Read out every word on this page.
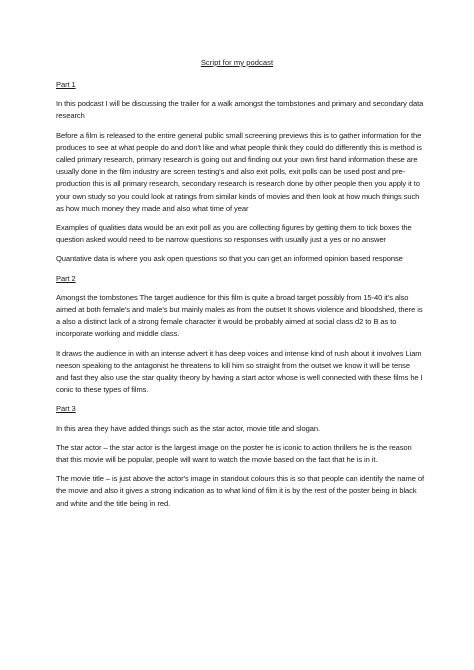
Script for my podcast

Part 1

In this podcast I will be discussing the trailer for a walk amongst the tombstones and primary and secondary data research

Before a film is released to the entire general public small screening previews this is to gather information for the produces to see at what people do and don't like and what people think they could do differently this is method is called primary research, primary research is going out and finding out your own first hand information these are usually done in the film industry are screen testing's and also exit polls, exit polls can be used post and pre-production this is all primary research, secondary research is research done by other people then you apply it to your own study so you could look at ratings from similar kinds of movies and then look at how much things such as how much money they made and also what time of year

Examples of qualities data would be an exit poll as you are collecting figures by getting them to tick boxes the question asked would need to be narrow questions so responses with usually just a yes or no answer

Quantative data is where you ask open questions so that you can get an informed opinion based response

Part 2

Amongst the tombstones The target audience for this film is quite a broad target possibly from 15-40 it's also aimed at both female's and male's but mainly males as from the outset It shows violence and bloodshed, there is a also a distinct lack of a strong female character it would be probably aimed at social class d2 to B as to incorporate working and middle class.

It draws the audience in with an intense advert it has deep voices and intense kind of rush about it involves Liam neeson speaking to the antagonist he threatens to kill him so straight from the outset we know it will be tense and fast they also use the star quality theory by having a start actor whose is well connected with these films he I conic to these types of films.

Part 3

In this area they have added things such as the star actor, movie title and slogan.

The star actor – the star actor is the largest image on the poster he is iconic to action thrillers he is the reason that this movie will be popular, people will want to watch the movie based on the fact that he is in it.

The movie title – is just above the actor's image in standout colours this is so that people can identify the name of the movie and also it gives a strong indication as to what kind of film it is by the rest of the poster being in black and white and the title being in red.
